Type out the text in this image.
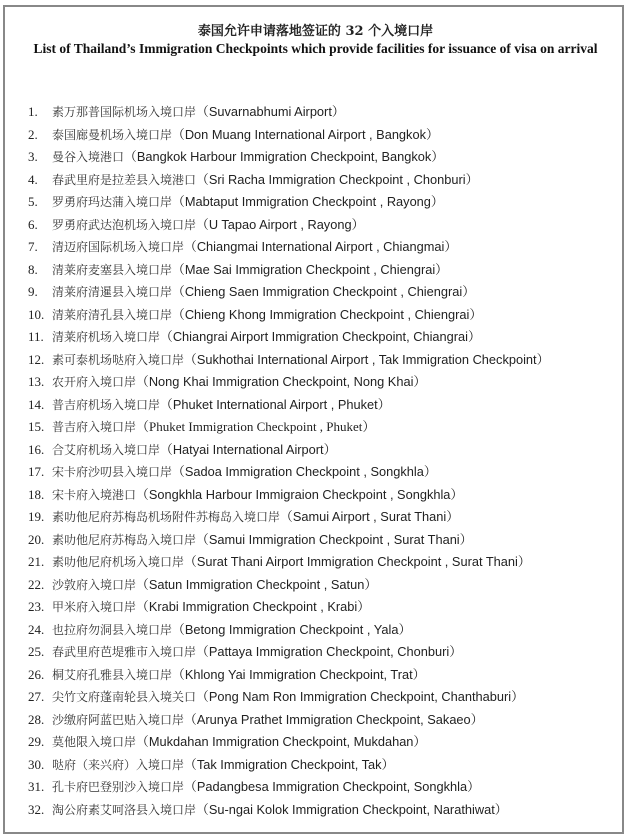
泰国允许申请落地签证的 32 个入境口岸
List of Thailand’s Immigration Checkpoints which provide facilities for issuance of visa on arrival
1. 素万那普国际机场入境口岸（Suvarnabhumi Airport）
2. 泰国廊曼机场入境口岸（Don Muang International Airport , Bangkok）
3. 曼谷入境港口（Bangkok Harbour Immigration Checkpoint, Bangkok）
4. 春武里府是拉差县入境港口（Sri Racha Immigration Checkpoint , Chonburi）
5. 罗勇府玛达蒲入境口岸（Mabtaput Immigration Checkpoint , Rayong）
6. 罗勇府武达泡机场入境口岸（U Tapao Airport , Rayong）
7. 清迈府国际机场入境口岸（Chiangmai International Airport , Chiangmai）
8. 清莱府麦塞县入境口岸（Mae Sai Immigration Checkpoint , Chiengrai）
9. 清莱府清暹县入境口岸（Chieng Saen Immigration Checkpoint , Chiengrai）
10. 清莱府清孔县入境口岸（Chieng Khong Immigration Checkpoint , Chiengrai）
11. 清莱府机场入境口岸（Chiangrai Airport Immigration Checkpoint, Chiangrai）
12. 素可泰机场哒府入境口岸（Sukhothai International Airport , Tak Immigration Checkpoint）
13. 农开府入境口岸（Nong Khai Immigration Checkpoint, Nong Khai）
14. 普吉府机场入境口岸（Phuket International Airport , Phuket）
15. 普吉府入境口岸（Phuket Immigration Checkpoint , Phuket）
16. 合艾府机场入境口岸（Hatyai International Airport）
17. 宋卡府沙叨县入境口岸（Sadoa Immigration Checkpoint , Songkhla）
18. 宋卡府入境港口（Songkhla Harbour Immigraion Checkpoint , Songkhla）
19. 素叻他尼府苏梅岛机场附件苏梅岛入境口岸（Samui Airport , Surat Thani）
20. 素叻他尼府苏梅岛入境口岸（Samui Immigration Checkpoint , Surat Thani）
21. 素叻他尼府机场入境口岸（Surat Thani Airport Immigration Checkpoint , Surat Thani）
22. 沙敦府入境口岸（Satun Immigration Checkpoint , Satun）
23. 甲米府入境口岸（Krabi Immigration Checkpoint , Krabi）
24. 也拉府勿洞县入境口岸（Betong Immigration Checkpoint , Yala）
25. 春武里府芭堤雅市入境口岸（Pattaya Immigration Checkpoint, Chonburi）
26. 桐艾府孔雅县入境口岸（Khlong Yai Immigration Checkpoint, Trat）
27. 尖竹文府蓬南轮县入境关口（Pong Nam Ron Immigration Checkpoint, Chanthaburi）
28. 沙缴府阿蓝巴贴入境口岸（Arunya Prathet Immigration Checkpoint, Sakaeo）
29. 莫他限入境口岸（Mukdahan Immigration Checkpoint, Mukdahan）
30. 哒府（来兴府）入境口岸（Tak Immigration Checkpoint, Tak）
31. 孔卡府巴登别沙入境口岸（Padangbesa Immigration Checkpoint, Songkhla）
32. 淘公府素艾呵洛县入境口岸（Su-ngai Kolok Immigration Checkpoint, Narathiwat）
